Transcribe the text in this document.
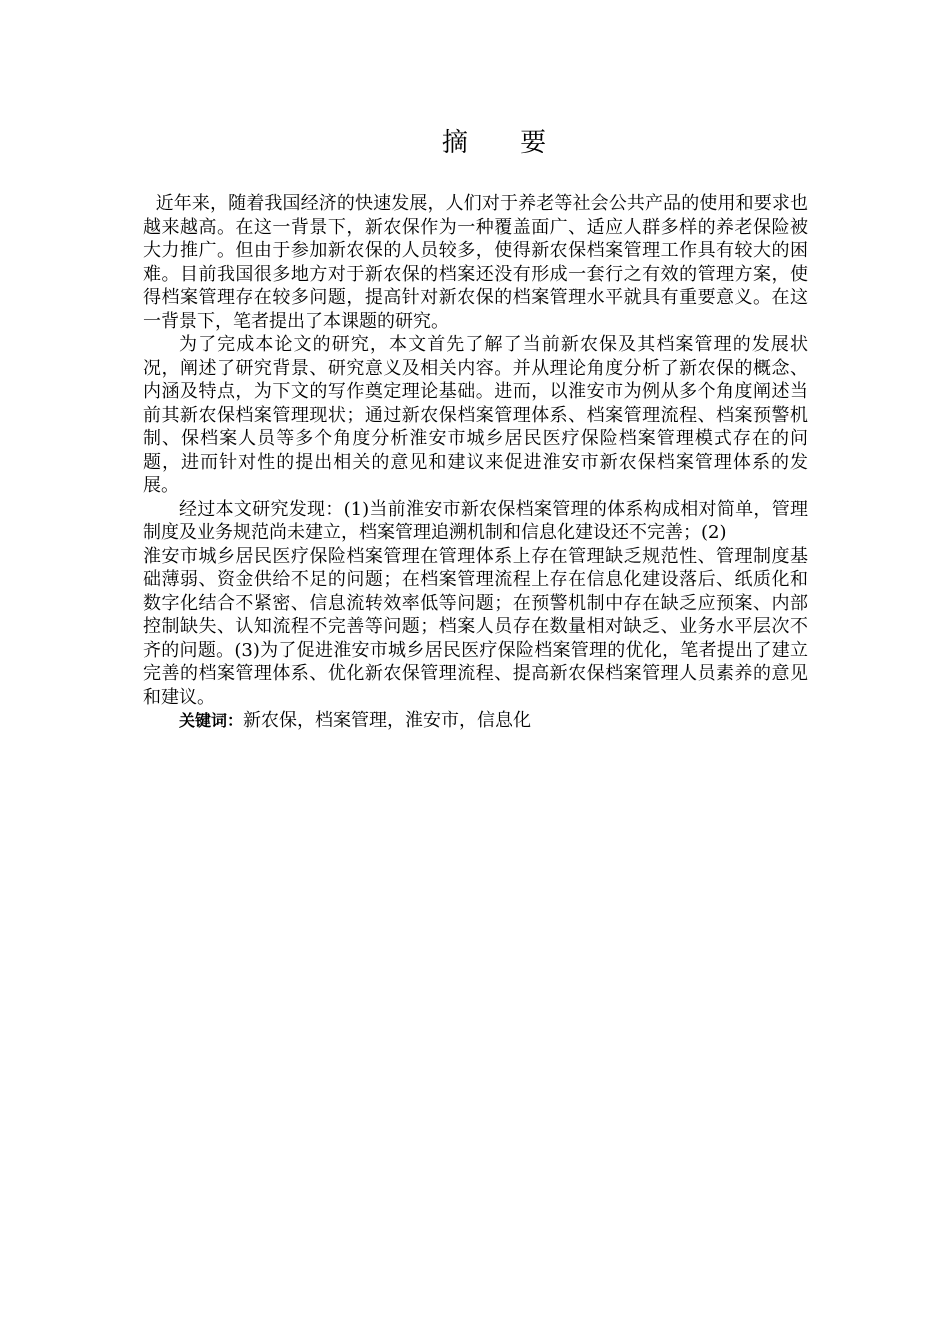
摘 要

近年来，随着我国经济的快速发展，人们对于养老等社会公共产品的使用和要求也越来越高。在这一背景下，新农保作为一种覆盖面广、适应人群多样的养老保险被大力推广。但由于参加新农保的人员较多，使得新农保档案管理工作具有较大的困难。目前我国很多地方对于新农保的档案还没有形成一套行之有效的管理方案，使得档案管理存在较多问题，提高针对新农保的档案管理水平就具有重要意义。在这一背景下，笔者提出了本课题的研究。

为了完成本论文的研究，本文首先了解了当前新农保及其档案管理的发展状况，阐述了研究背景、研究意义及相关内容。并从理论角度分析了新农保的概念、内涵及特点，为下文的写作奠定理论基础。进而，以淮安市为例从多个角度阐述当前其新农保档案管理现状；通过新农保档案管理体系、档案管理流程、档案预警机制、保档案人员等多个角度分析淮安市城乡居民医疗保险档案管理模式存在的问题，进而针对性的提出相关的意见和建议来促进淮安市新农保档案管理体系的发展。

经过本文研究发现：(1)当前淮安市新农保档案管理的体系构成相对简单，管理制度及业务规范尚未建立，档案管理追溯机制和信息化建设还不完善；(2)

淮安市城乡居民医疗保险档案管理在管理体系上存在管理缺乏规范性、管理制度基础薄弱、资金供给不足的问题；在档案管理流程上存在信息化建设落后、纸质化和数字化结合不紧密、信息流转效率低等问题；在预警机制中存在缺乏应预案、内部控制缺失、认知流程不完善等问题；档案人员存在数量相对缺乏、业务水平层次不齐的问题。(3)为了促进淮安市城乡居民医疗保险档案管理的优化，笔者提出了建立完善的档案管理体系、优化新农保管理流程、提高新农保档案管理人员素养的意见和建议。

关键词：新农保，档案管理，淮安市，信息化
